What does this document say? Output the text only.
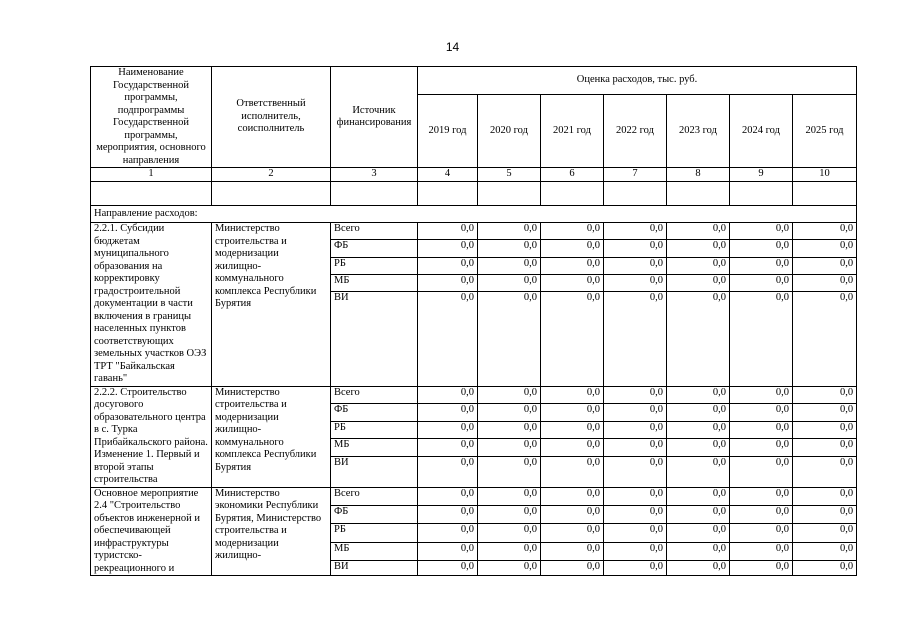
14
Наименование Государственной программы, подпрограммы Государственной программы, мероприятия, основного направления	Ответственный исполнитель, соисполнитель	Источник финансирования	Оценка расходов, тыс. руб.						
			2019 год	2020 год	2021 год	2022 год	2023 год	2024 год	2025 год
1	2	3	4	5	6	7	8	9	10

Направление расходов:									
2.2.1. Субсидии бюджетам муниципального образования на корректировку градостроительной документации в части включения в границы населенных пунктов соответствующих земельных участков ОЭЗ ТРТ "Байкальская гавань"	Министерство строительства и модернизации жилищно-коммунального комплекса Республики Бурятия	Всего	0,0	0,0	0,0	0,0	0,0	0,0	0,0
		ФБ	0,0	0,0	0,0	0,0	0,0	0,0	0,0
		РБ	0,0	0,0	0,0	0,0	0,0	0,0	0,0
		МБ	0,0	0,0	0,0	0,0	0,0	0,0	0,0
		ВИ	0,0	0,0	0,0	0,0	0,0	0,0	0,0
2.2.2. Строительство досугового образовательного центра в с. Турка Прибайкальского района. Изменение 1. Первый и второй этапы строительства	Министерство строительства и модернизации жилищно-коммунального комплекса Республики Бурятия	Всего	0,0	0,0	0,0	0,0	0,0	0,0	0,0
		ФБ	0,0	0,0	0,0	0,0	0,0	0,0	0,0
		РБ	0,0	0,0	0,0	0,0	0,0	0,0	0,0
		МБ	0,0	0,0	0,0	0,0	0,0	0,0	0,0
		ВИ	0,0	0,0	0,0	0,0	0,0	0,0	0,0
Основное мероприятие 2.4 "Строительство объектов инженерной и обеспечивающей инфраструктуры туристско-рекреационного и	Министерство экономики Республики Бурятия, Министерство строительства и модернизации жилищно-	Всего	0,0	0,0	0,0	0,0	0,0	0,0	0,0
		ФБ	0,0	0,0	0,0	0,0	0,0	0,0	0,0
		РБ	0,0	0,0	0,0	0,0	0,0	0,0	0,0
		МБ	0,0	0,0	0,0	0,0	0,0	0,0	0,0
		ВИ	0,0	0,0	0,0	0,0	0,0	0,0	0,0
